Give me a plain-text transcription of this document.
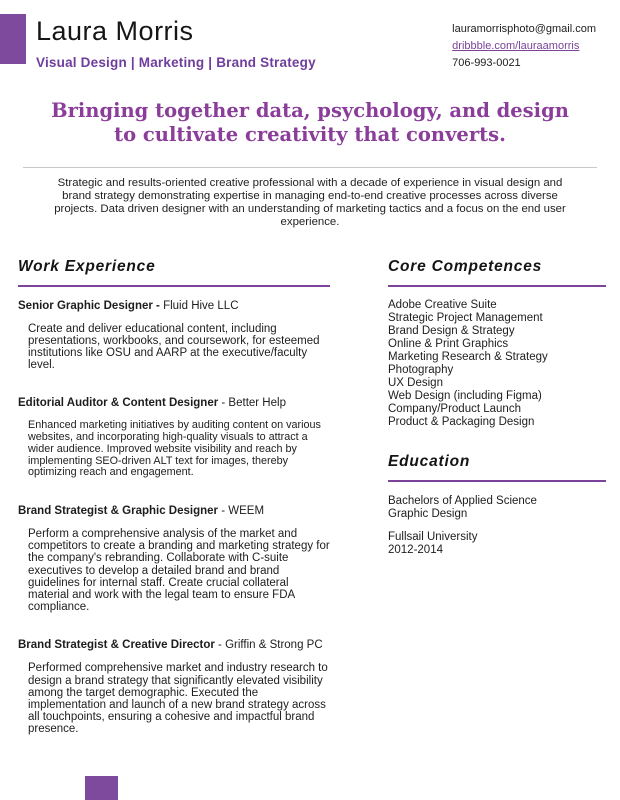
Laura Morris
Visual Design | Marketing | Brand Strategy
lauramorrisphoto@gmail.com
dribbble.com/lauraamorris
706-993-0021
Bringing together data, psychology, and design
to cultivate creativity that converts.

Strategic and results-oriented creative professional with a decade of experience in visual design and brand strategy demonstrating expertise in managing end-to-end creative processes across diverse projects. Data driven designer with an understanding of marketing tactics and a focus on the end user experience.

Work Experience
Senior Graphic Designer - Fluid Hive LLC

Create and deliver educational content, including presentations, workbooks, and coursework, for esteemed institutions like OSU and AARP at the executive/faculty level.

Editorial Auditor & Content Designer - Better Help

Enhanced marketing initiatives by auditing content on various websites, and incorporating high-quality visuals to attract a wider audience. Improved website visibility and reach by implementing SEO-driven ALT text for images, thereby optimizing reach and engagement.

Brand Strategist & Graphic Designer - WEEM

Perform a comprehensive analysis of the market and competitors to create a branding and marketing strategy for the company's rebranding. Collaborate with C-suite executives to develop a detailed brand and brand guidelines for internal staff. Create crucial collateral material and work with the legal team to ensure FDA compliance.

Brand Strategist & Creative Director - Griffin & Strong PC

Performed comprehensive market and industry research to design a brand strategy that significantly elevated visibility among the target demographic. Executed the implementation and launch of a new brand strategy across all touchpoints, ensuring a cohesive and impactful brand presence.

Core Competences
Adobe Creative Suite
Strategic Project Management
Brand Design & Strategy
Online & Print Graphics
Marketing Research & Strategy
Photography
UX Design
Web Design (including Figma)
Company/Product Launch
Product & Packaging Design
Education
Bachelors of Applied Science
Graphic Design
Fullsail University
2012-2014
